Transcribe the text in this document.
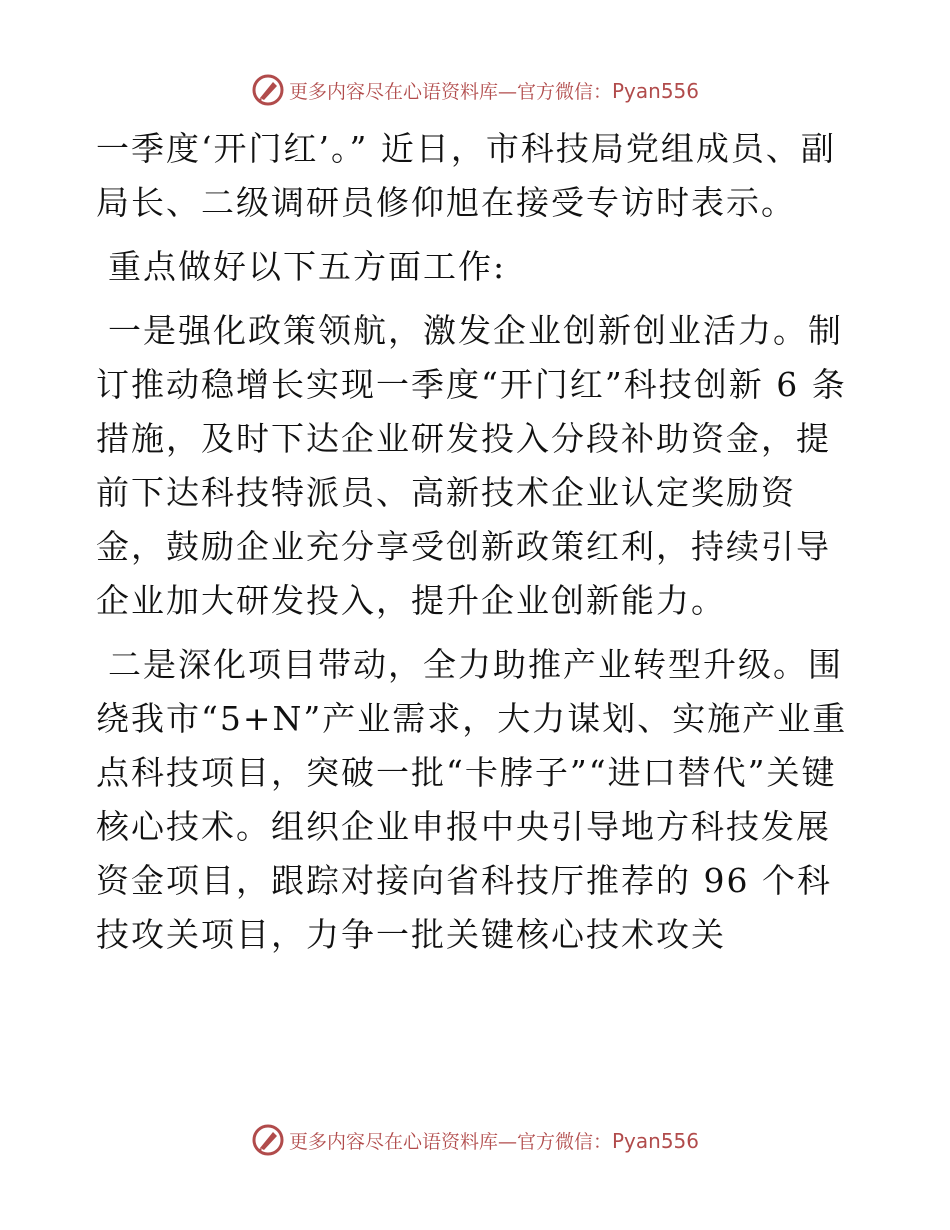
更多内容尽在心语资料库—官方微信：Pyan556

一季度‘开门红’。” 近日，市科技局党组成员、副局长、二级调研员修仰旭在接受专访时表示。

重点做好以下五方面工作:

一是强化政策领航，激发企业创新创业活力。制订推动稳增长实现一季度“开门红”科技创新 6 条措施，及时下达企业研发投入分段补助资金，提前下达科技特派员、高新技术企业认定奖励资金，鼓励企业充分享受创新政策红利，持续引导企业加大研发投入，提升企业创新能力。

二是深化项目带动，全力助推产业转型升级。围绕我市“5+N”产业需求，大力谋划、实施产业重点科技项目，突破一批“卡脖子”“进口替代”关键核心技术。组织企业申报中央引导地方科技发展资金项目，跟踪对接向省科技厅推荐的 96 个科技攻关项目，力争一批关键核心技术攻关

更多内容尽在心语资料库—官方微信：Pyan556
